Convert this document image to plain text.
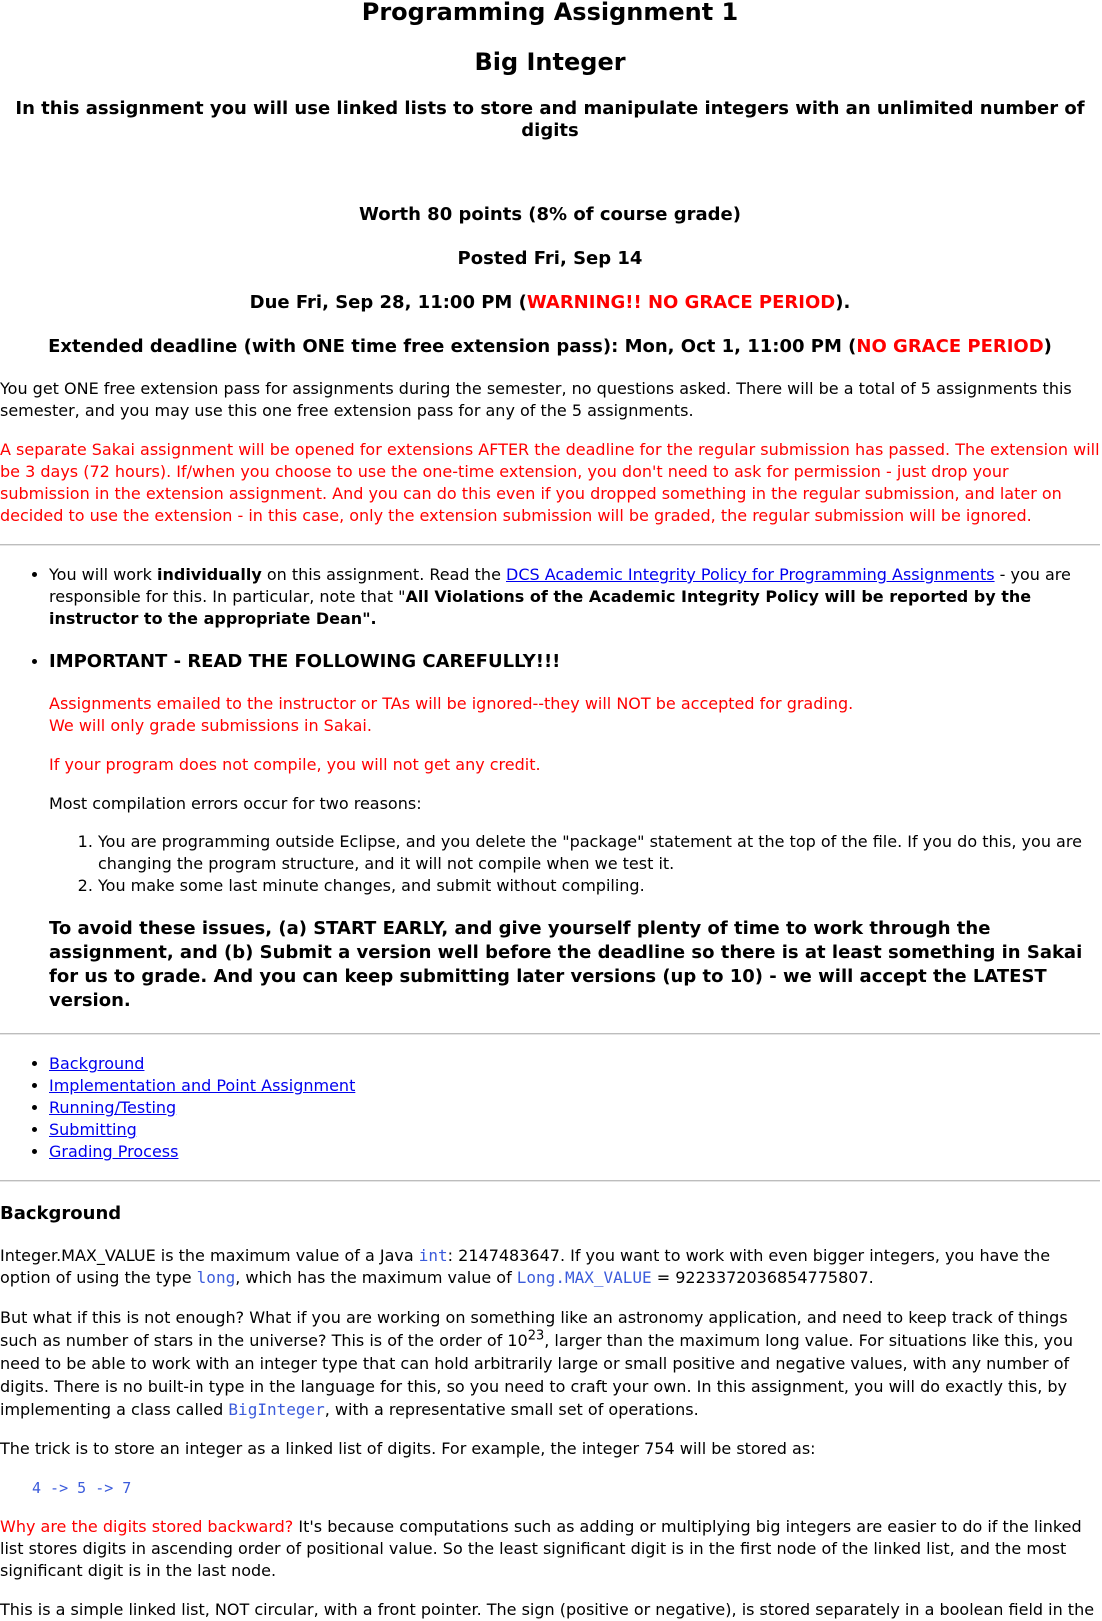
Programming Assignment 1
Big Integer
In this assignment you will use linked lists to store and manipulate integers with an unlimited number of digits
Worth 80 points (8% of course grade)
Posted Fri, Sep 14
Due Fri, Sep 28, 11:00 PM (WARNING!! NO GRACE PERIOD).
Extended deadline (with ONE time free extension pass): Mon, Oct 1, 11:00 PM (NO GRACE PERIOD)

You get ONE free extension pass for assignments during the semester, no questions asked. There will be a total of 5 assignments this semester, and you may use this one free extension pass for any of the 5 assignments.

A separate Sakai assignment will be opened for extensions AFTER the deadline for the regular submission has passed. The extension will be 3 days (72 hours). If/when you choose to use the one-time extension, you don't need to ask for permission - just drop your submission in the extension assignment. And you can do this even if you dropped something in the regular submission, and later on decided to use the extension - in this case, only the extension submission will be graded, the regular submission will be ignored.

• You will work individually on this assignment. Read the DCS Academic Integrity Policy for Programming Assignments - you are responsible for this. In particular, note that "All Violations of the Academic Integrity Policy will be reported by the instructor to the appropriate Dean".
• IMPORTANT - READ THE FOLLOWING CAREFULLY!!!

Assignments emailed to the instructor or TAs will be ignored--they will NOT be accepted for grading.
We will only grade submissions in Sakai.

If your program does not compile, you will not get any credit.

Most compilation errors occur for two reasons:

1. You are programming outside Eclipse, and you delete the "package" statement at the top of the file. If you do this, you are changing the program structure, and it will not compile when we test it.
2. You make some last minute changes, and submit without compiling.

To avoid these issues, (a) START EARLY, and give yourself plenty of time to work through the assignment, and (b) Submit a version well before the deadline so there is at least something in Sakai for us to grade. And you can keep submitting later versions (up to 10) - we will accept the LATEST version.

• Background
• Implementation and Point Assignment
• Running/Testing
• Submitting
• Grading Process
Background

Integer.MAX_VALUE is the maximum value of a Java int: 2147483647. If you want to work with even bigger integers, you have the option of using the type long, which has the maximum value of Long.MAX_VALUE = 9223372036854775807.

But what if this is not enough? What if you are working on something like an astronomy application, and need to keep track of things such as number of stars in the universe? This is of the order of $10^{23}$, larger than the maximum long value. For situations like this, you need to be able to work with an integer type that can hold arbitrarily large or small positive and negative values, with any number of digits. There is no built-in type in the language for this, so you need to craft your own. In this assignment, you will do exactly this, by implementing a class called BigInteger, with a representative small set of operations.

The trick is to store an integer as a linked list of digits. For example, the integer 754 will be stored as:

4 -> 5 -> 7

Why are the digits stored backward? It's because computations such as adding or multiplying big integers are easier to do if the linked list stores digits in ascending order of positional value. So the least significant digit is in the first node of the linked list, and the most significant digit is in the last node.

This is a simple linked list, NOT circular, with a front pointer. The sign (positive or negative), is stored separately in a boolean field in the
